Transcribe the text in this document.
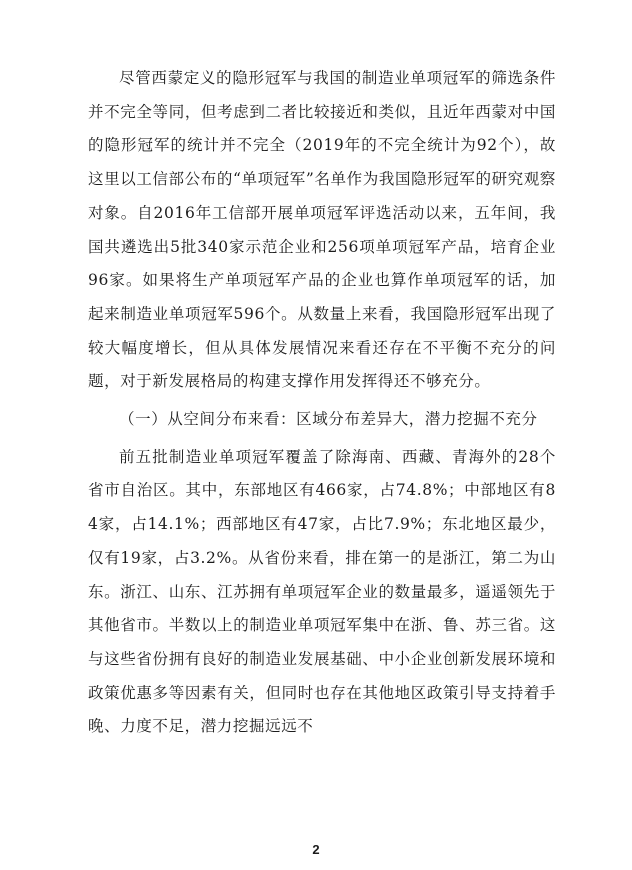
尽管西蒙定义的隐形冠军与我国的制造业单项冠军的筛选条件并不完全等同，但考虑到二者比较接近和类似，且近年西蒙对中国的隐形冠军的统计并不完全（2019年的不完全统计为92个），故这里以工信部公布的“单项冠军”名单作为我国隐形冠军的研究观察对象。自2016年工信部开展单项冠军评选活动以来，五年间，我国共遴选出5批340家示范企业和256项单项冠军产品，培育企业96家。如果将生产单项冠军产品的企业也算作单项冠军的话，加起来制造业单项冠军596个。从数量上来看，我国隐形冠军出现了较大幅度增长，但从具体发展情况来看还存在不平衡不充分的问题，对于新发展格局的构建支撑作用发挥得还不够充分。

（一）从空间分布来看：区域分布差异大，潜力挖掘不充分

前五批制造业单项冠军覆盖了除海南、西藏、青海外的28个省市自治区。其中，东部地区有466家，占74.8%；中部地区有84家，占14.1%；西部地区有47家，占比7.9%；东北地区最少，仅有19家，占3.2%。从省份来看，排在第一的是浙江，第二为山东。浙江、山东、江苏拥有单项冠军企业的数量最多，遥遥领先于其他省市。半数以上的制造业单项冠军集中在浙、鲁、苏三省。这与这些省份拥有良好的制造业发展基础、中小企业创新发展环境和政策优惠多等因素有关，但同时也存在其他地区政策引导支持着手晚、力度不足，潜力挖掘远远不

2
